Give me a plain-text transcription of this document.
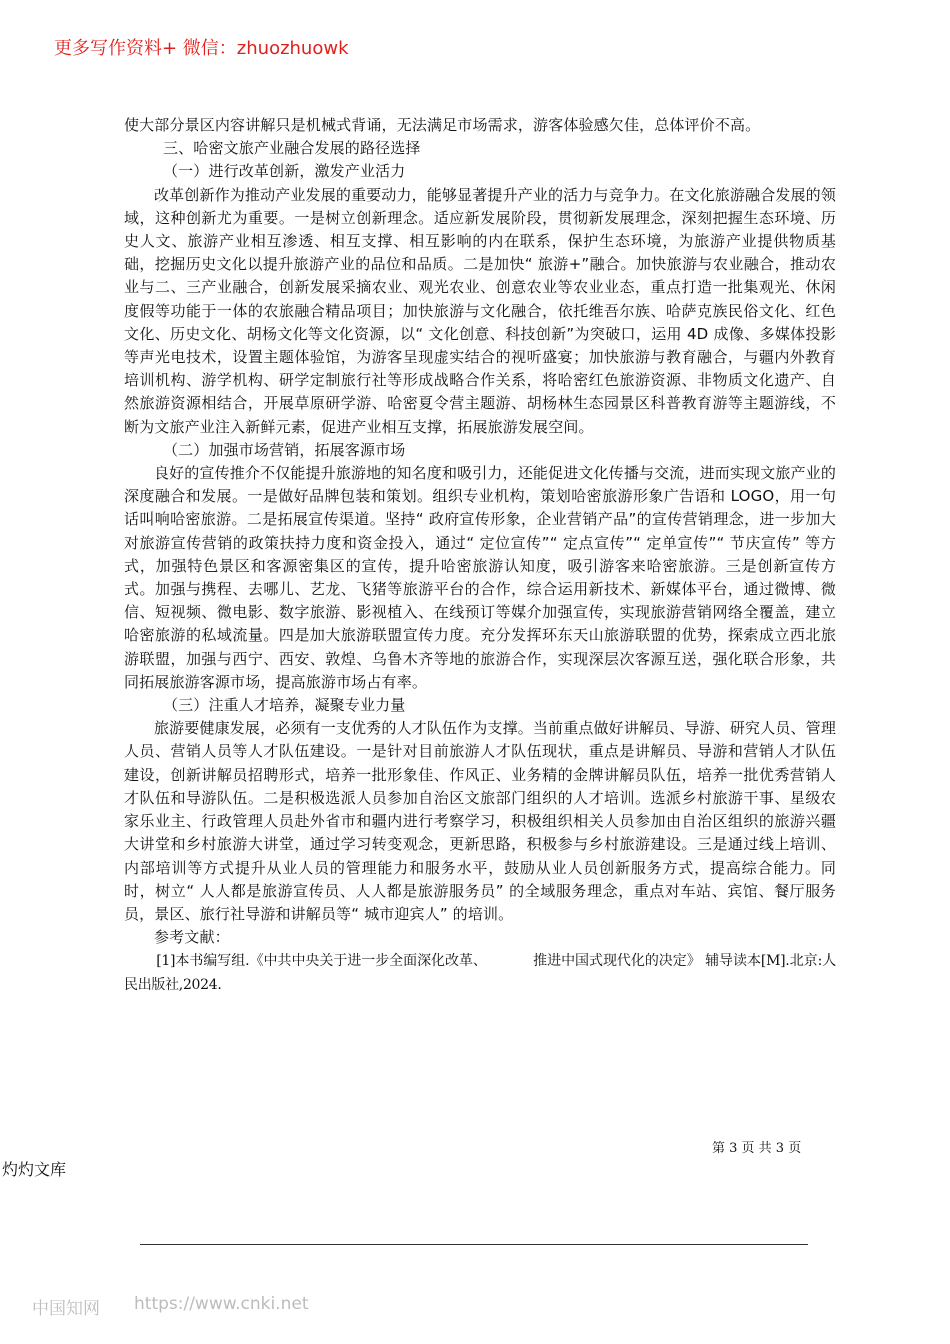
更多写作资料+ 微信：zhuozhuowk

使大部分景区内容讲解只是机械式背诵，无法满足市场需求，游客体验感欠佳，总体评价不高。

三、哈密文旅产业融合发展的路径选择

（一）进行改革创新，激发产业活力

改革创新作为推动产业发展的重要动力，能够显著提升产业的活力与竞争力。在文化旅游融合发展的领域，这种创新尤为重要。一是树立创新理念。适应新发展阶段，贯彻新发展理念，深刻把握生态环境、历史人文、旅游产业相互渗透、相互支撑、相互影响的内在联系，保护生态环境，为旅游产业提供物质基础，挖掘历史文化以提升旅游产业的品位和品质。二是加快“ 旅游+”融合。加快旅游与农业融合，推动农业与二、三产业融合，创新发展采摘农业、观光农业、创意农业等农业业态，重点打造一批集观光、休闲度假等功能于一体的农旅融合精品项目；加快旅游与文化融合，依托维吾尔族、哈萨克族民俗文化、红色文化、历史文化、胡杨文化等文化资源，以“ 文化创意、科技创新”为突破口，运用 4D 成像、多媒体投影等声光电技术，设置主题体验馆，为游客呈现虚实结合的视听盛宴；加快旅游与教育融合，与疆内外教育培训机构、游学机构、研学定制旅行社等形成战略合作关系，将哈密红色旅游资源、非物质文化遗产、自然旅游资源相结合，开展草原研学游、哈密夏令营主题游、胡杨林生态园景区科普教育游等主题游线，不断为文旅产业注入新鲜元素，促进产业相互支撑，拓展旅游发展空间。

（二）加强市场营销，拓展客源市场

良好的宣传推介不仅能提升旅游地的知名度和吸引力，还能促进文化传播与交流，进而实现文旅产业的深度融合和发展。一是做好品牌包装和策划。组织专业机构，策划哈密旅游形象广告语和 LOGO，用一句话叫响哈密旅游。二是拓展宣传渠道。坚持“ 政府宣传形象，企业营销产品”的宣传营销理念，进一步加大对旅游宣传营销的政策扶持力度和资金投入，通过“ 定位宣传”“ 定点宣传”“ 定单宣传”“ 节庆宣传” 等方式，加强特色景区和客源密集区的宣传，提升哈密旅游认知度，吸引游客来哈密旅游。三是创新宣传方式。加强与携程、去哪儿、艺龙、飞猪等旅游平台的合作，综合运用新技术、新媒体平台，通过微博、微信、短视频、微电影、数字旅游、影视植入、在线预订等媒介加强宣传，实现旅游营销网络全覆盖，建立哈密旅游的私域流量。四是加大旅游联盟宣传力度。充分发挥环东天山旅游联盟的优势，探索成立西北旅游联盟，加强与西宁、西安、敦煌、乌鲁木齐等地的旅游合作，实现深层次客源互送，强化联合形象，共同拓展旅游客源市场，提高旅游市场占有率。

（三）注重人才培养，凝聚专业力量

旅游要健康发展，必须有一支优秀的人才队伍作为支撑。当前重点做好讲解员、导游、研究人员、管理人员、营销人员等人才队伍建设。一是针对目前旅游人才队伍现状，重点是讲解员、导游和营销人才队伍建设，创新讲解员招聘形式，培养一批形象佳、作风正、业务精的金牌讲解员队伍，培养一批优秀营销人才队伍和导游队伍。二是积极选派人员参加自治区文旅部门组织的人才培训。选派乡村旅游干事、星级农家乐业主、行政管理人员赴外省市和疆内进行考察学习，积极组织相关人员参加由自治区组织的旅游兴疆大讲堂和乡村旅游大讲堂，通过学习转变观念，更新思路，积极参与乡村旅游建设。三是通过线上培训、内部培训等方式提升从业人员的管理能力和服务水平，鼓励从业人员创新服务方式，提高综合能力。同时，树立“ 人人都是旅游宣传员、人人都是旅游服务员” 的全域服务理念，重点对车站、宾馆、餐厅服务员，景区、旅行社导游和讲解员等“ 城市迎宾人” 的培训。

参考文献：

[1]本书编写组.《中共中央关于进一步全面深化改革、	推进中国式现代化的决定》 辅导读本[M].北京:人民出版社,2024.

第 3 页 共 3 页
灼灼文库
中国知网 https://www.cnki.net
